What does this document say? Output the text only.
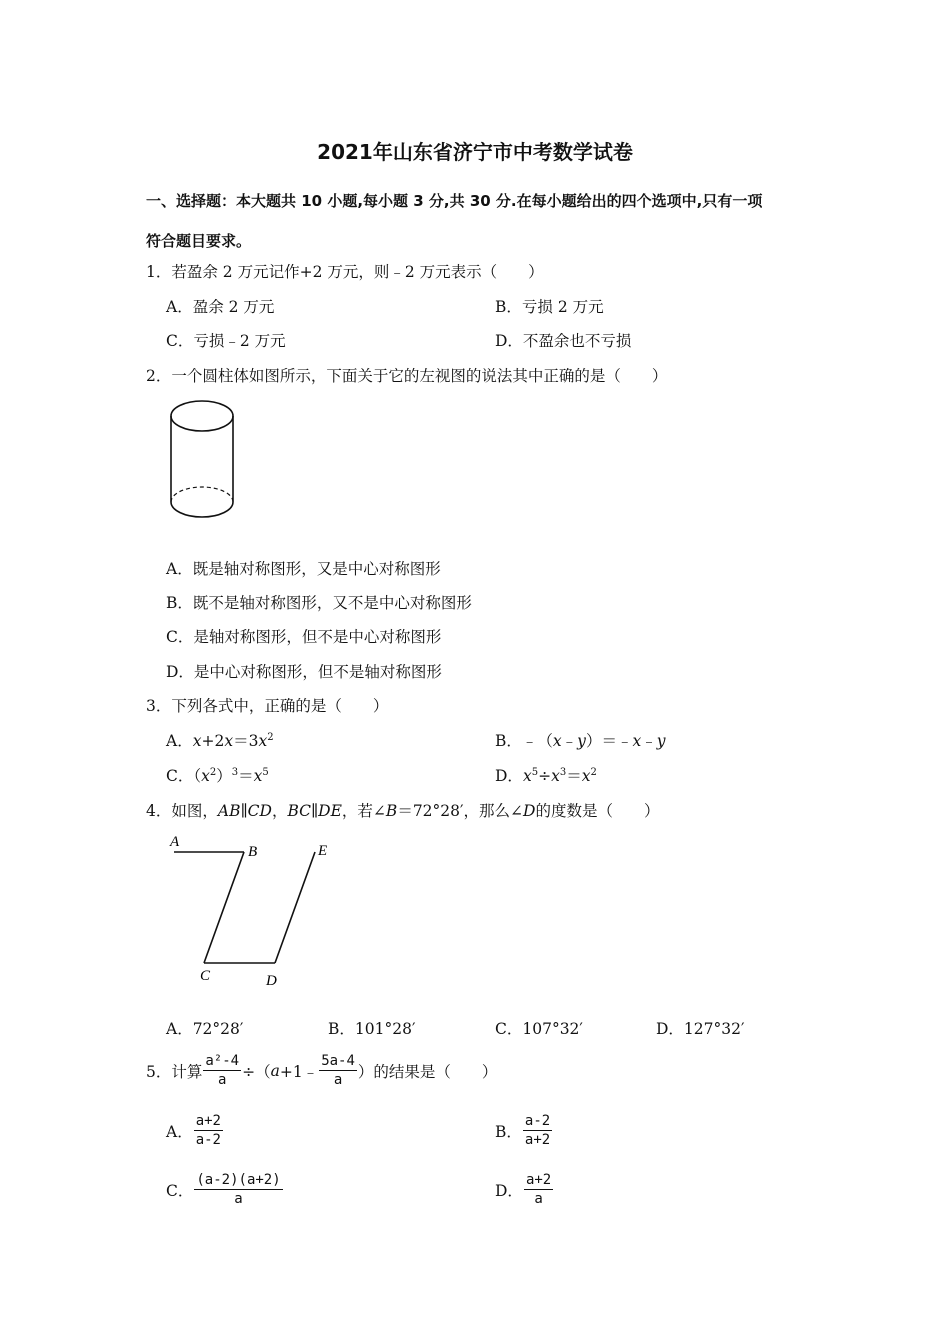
2021年山东省济宁市中考数学试卷
一、选择题：本大题共 10 小题,每小题 3 分,共 30 分.在每小题给出的四个选项中,只有一项
符合题目要求。
1．若盈余 2 万元记作+2 万元，则﹣2 万元表示（　　）
A．盈余 2 万元	B．亏损 2 万元
C．亏损﹣2 万元	D．不盈余也不亏损
2．一个圆柱体如图所示，下面关于它的左视图的说法其中正确的是（　　）
A．既是轴对称图形，又是中心对称图形
B．既不是轴对称图形，又不是中心对称图形
C．是轴对称图形，但不是中心对称图形
D．是中心对称图形，但不是轴对称图形
3．下列各式中，正确的是（　　）
A．$x+2x=3x^2$	B．﹣（x﹣y）＝﹣x﹣y
C．$(x^2)^3=x^5$	D．$x^5\div x^3=x^2$
4．如图，AB∥CD，BC∥DE，若∠B＝72°28′，那么∠D的度数是（　　）
A
B
C	D
E
A．72°28′	B．101°28′	C．107°32′	D．127°32′
5．计算 $\frac{\text{a²-4}}{a}$ ÷（ a +1﹣ $\frac{5a-4}{a}$ ）的结果是（　　）
A． $\frac{a+2}{a-2}$	B． $\frac{a-2}{a+2}$
C． $\frac{(a-2)(a+2)}{a}$	D． $\frac{a+2}{a}$
